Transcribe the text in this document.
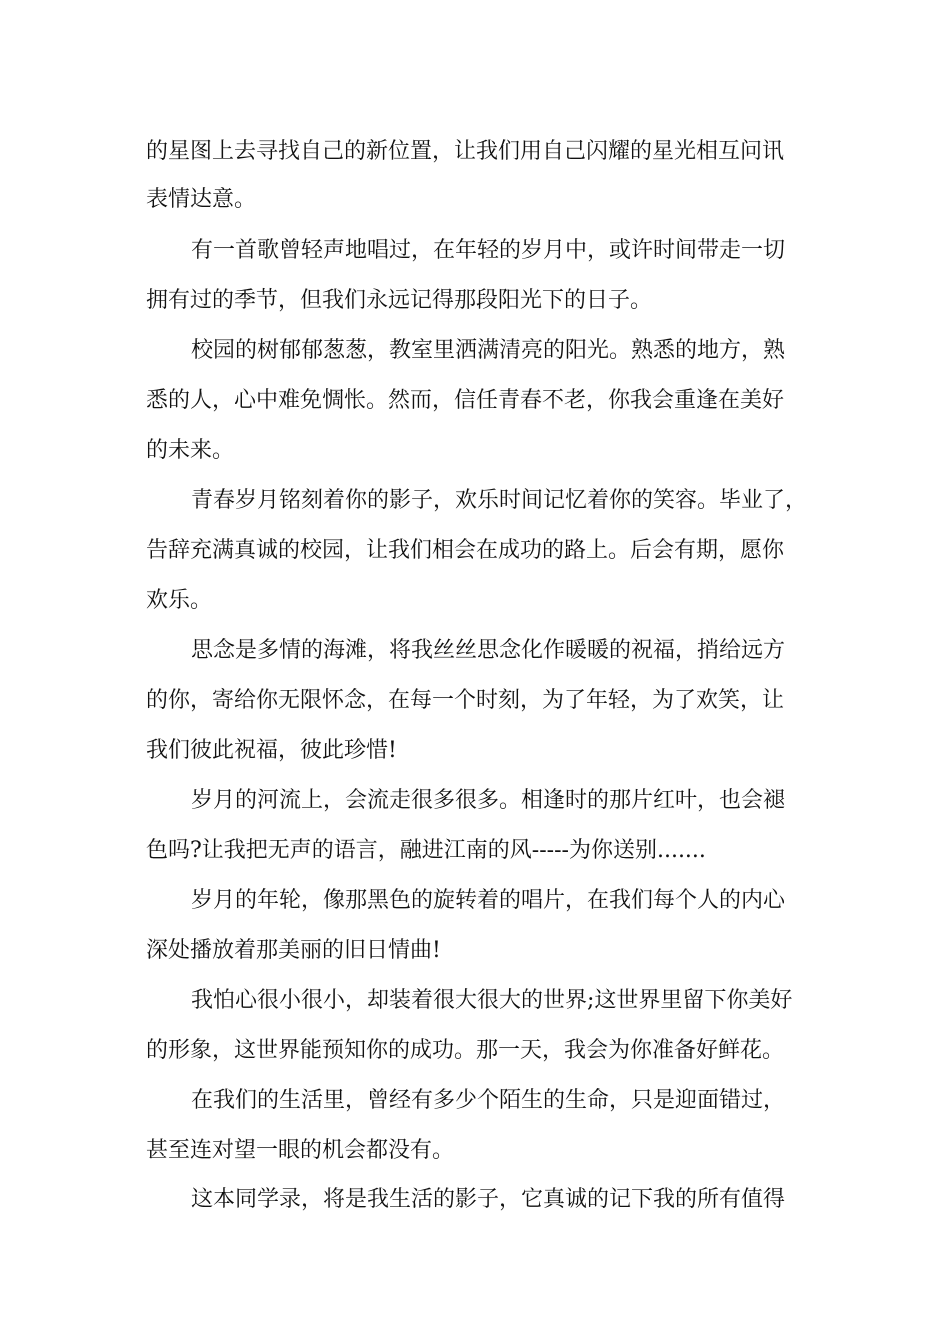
的星图上去寻找自己的新位置，让我们用自己闪耀的星光相互问讯
表情达意。
有一首歌曾轻声地唱过，在年轻的岁月中，或许时间带走一切
拥有过的季节，但我们永远记得那段阳光下的日子。
校园的树郁郁葱葱，教室里洒满清亮的阳光。熟悉的地方，熟
悉的人，心中难免惆怅。然而，信任青春不老，你我会重逢在美好
的未来。
青春岁月铭刻着你的影子，欢乐时间记忆着你的笑容。毕业了，
告辞充满真诚的校园，让我们相会在成功的路上。后会有期，愿你
欢乐。
思念是多情的海滩，将我丝丝思念化作暖暖的祝福，捎给远方
的你，寄给你无限怀念，在每一个时刻，为了年轻，为了欢笑，让
我们彼此祝福，彼此珍惜!
岁月的河流上，会流走很多很多。相逢时的那片红叶，也会褪
色吗?让我把无声的语言，融进江南的风-----为你送别.......
岁月的年轮，像那黑色的旋转着的唱片，在我们每个人的内心
深处播放着那美丽的旧日情曲!
我怕心很小很小，却装着很大很大的世界;这世界里留下你美好
的形象，这世界能预知你的成功。那一天，我会为你准备好鲜花。
在我们的生活里，曾经有多少个陌生的生命，只是迎面错过，
甚至连对望一眼的机会都没有。
这本同学录，将是我生活的影子，它真诚的记下我的所有值得
